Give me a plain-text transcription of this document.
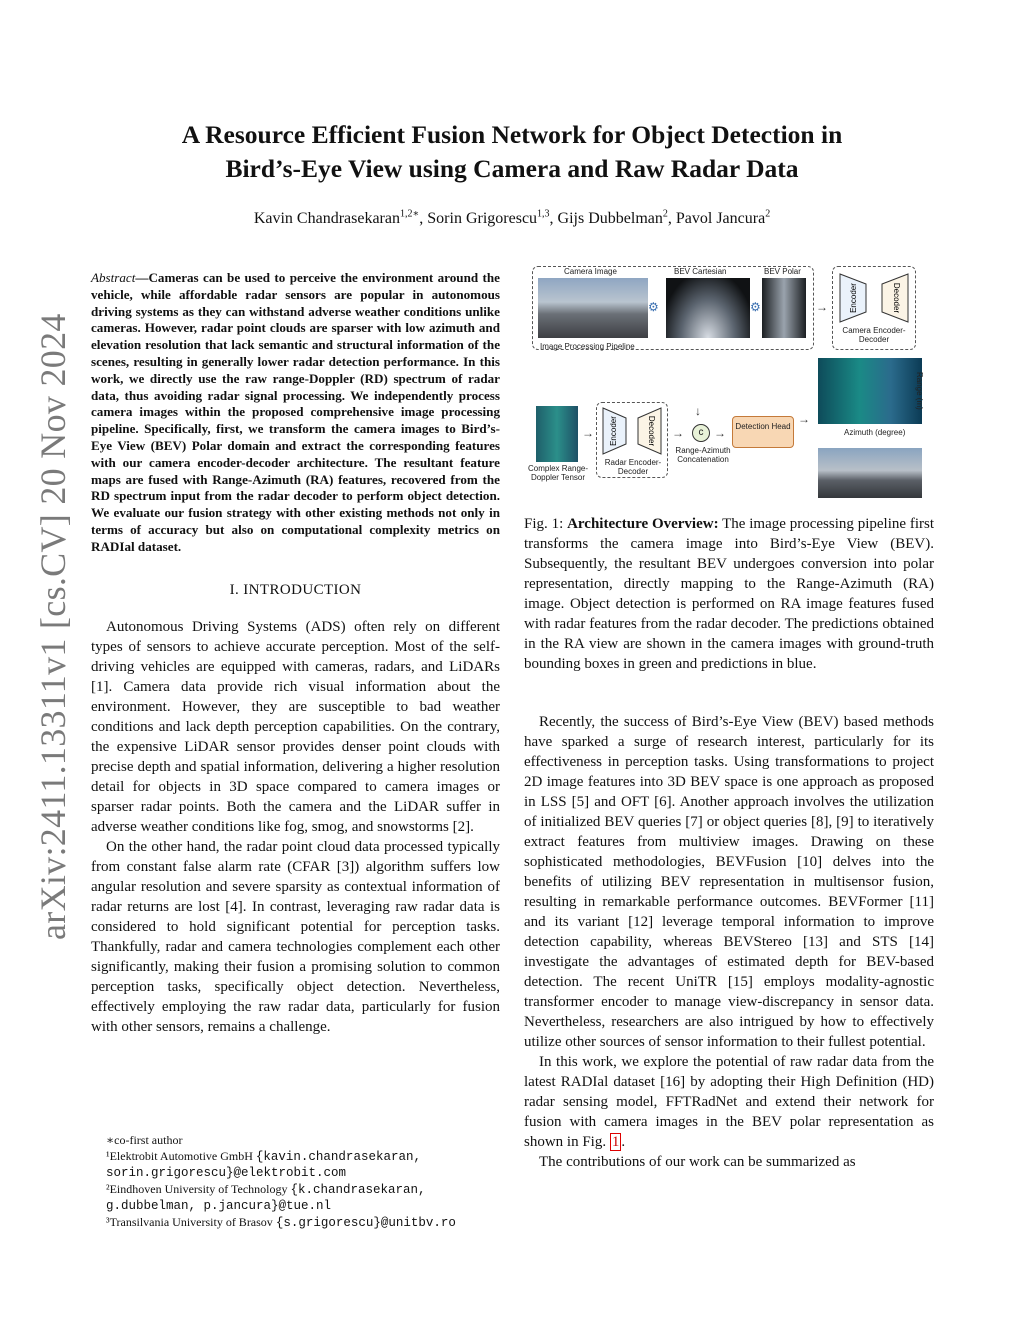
arXiv:2411.13311v1 [cs.CV] 20 Nov 2024
A Resource Efficient Fusion Network for Object Detection in
Bird’s-Eye View using Camera and Raw Radar Data
Kavin Chandrasekaran$^{1,2∗}$, Sorin Grigorescu$^{1,3}$, Gijs Dubbelman$^2$, Pavol Jancura$^2$

Abstract—Cameras can be used to perceive the environment around the vehicle, while affordable radar sensors are popular in autonomous driving systems as they can withstand adverse weather conditions unlike cameras. However, radar point clouds are sparser with low azimuth and elevation resolution that lack semantic and structural information of the scenes, resulting in generally lower radar detection performance. In this work, we directly use the raw range-Doppler (RD) spectrum of radar data, thus avoiding radar signal processing. We independently process camera images within the proposed comprehensive image processing pipeline. Specifically, first, we transform the camera images to Bird’s-Eye View (BEV) Polar domain and extract the corresponding features with our camera encoder-decoder architecture. The resultant feature maps are fused with Range-Azimuth (RA) features, recovered from the RD spectrum input from the radar decoder to perform object detection. We evaluate our fusion strategy with other existing methods not only in terms of accuracy but also on computational complexity metrics on RADIal dataset.

I. INTRODUCTION

Autonomous Driving Systems (ADS) often rely on different types of sensors to achieve accurate perception. Most of the self-driving vehicles are equipped with cameras, radars, and LiDARs [1]. Camera data provide rich visual information about the environment. However, they are susceptible to bad weather conditions and lack depth perception capabilities. On the contrary, the expensive LiDAR sensor provides denser point clouds with precise depth and spatial information, delivering a higher resolution detail for objects in 3D space compared to camera images or sparser radar points. Both the camera and the LiDAR suffer in adverse weather conditions like fog, smog, and snowstorms [2].

On the other hand, the radar point cloud data processed typically from constant false alarm rate (CFAR [3]) algorithm suffers low angular resolution and severe sparsity as contextual information of radar returns are lost [4]. In contrast, leveraging raw radar data is considered to hold significant potential for perception tasks. Thankfully, radar and camera technologies complement each other significantly, making their fusion a promising solution to common perception tasks, specifically object detection. Nevertheless, effectively employing the raw radar data, particularly for fusion with other sensors, remains a challenge.

∗co-first author
¹Elektrobit Automotive GmbH {kavin.chandrasekaran, sorin.grigorescu}@elektrobit.com
²Eindhoven University of Technology {k.chandrasekaran, g.dubbelman, p.jancura}@tue.nl
³Transilvania University of Brasov {s.grigorescu}@unitbv.ro
Camera Image	BEV Cartesian	BEV Polar
⚙	⚙
Image Processing Pipeline
→	Encoder	Decoder
Camera Encoder-Decoder
Range (m)
Azimuth (degree)
Complex Range-Doppler Tensor
→ Encoder	Decoder
Radar Encoder-Decoder
→	c
↓
Range-Azimuth Concatenation
→	Detection Head
→

Fig. 1: Architecture Overview: The image processing pipeline first transforms the camera image into Bird’s-Eye View (BEV). Subsequently, the resultant BEV undergoes conversion into polar representation, directly mapping to the Range-Azimuth (RA) image. Object detection is performed on RA image features fused with radar features from the radar decoder. The predictions obtained in the RA view are shown in the camera images with ground-truth bounding boxes in green and predictions in blue.

Recently, the success of Bird’s-Eye View (BEV) based methods have sparked a surge of research interest, particularly for its effectiveness in perception tasks. Using transformations to project 2D image features into 3D BEV space is one approach as proposed in LSS [5] and OFT [6]. Another approach involves the utilization of initialized BEV queries [7] or object queries [8], [9] to iteratively extract features from multiview images. Drawing on these sophisticated methodologies, BEVFusion [10] delves into the benefits of utilizing BEV representation in multisensor fusion, resulting in remarkable performance outcomes. BEVFormer [11] and its variant [12] leverage temporal information to improve detection capability, whereas BEVStereo [13] and STS [14] investigate the advantages of estimated depth for BEV-based detection. The recent UniTR [15] employs modality-agnostic transformer encoder to manage view-discrepancy in sensor data. Nevertheless, researchers are also intrigued by how to effectively utilize other sources of sensor information to their fullest potential.

In this work, we explore the potential of raw radar data from the latest RADIal dataset [16] by adopting their High Definition (HD) radar sensing model, FFTRadNet and extend their network for fusion with camera images in the BEV polar representation as shown in Fig. 1 .

The contributions of our work can be summarized as
